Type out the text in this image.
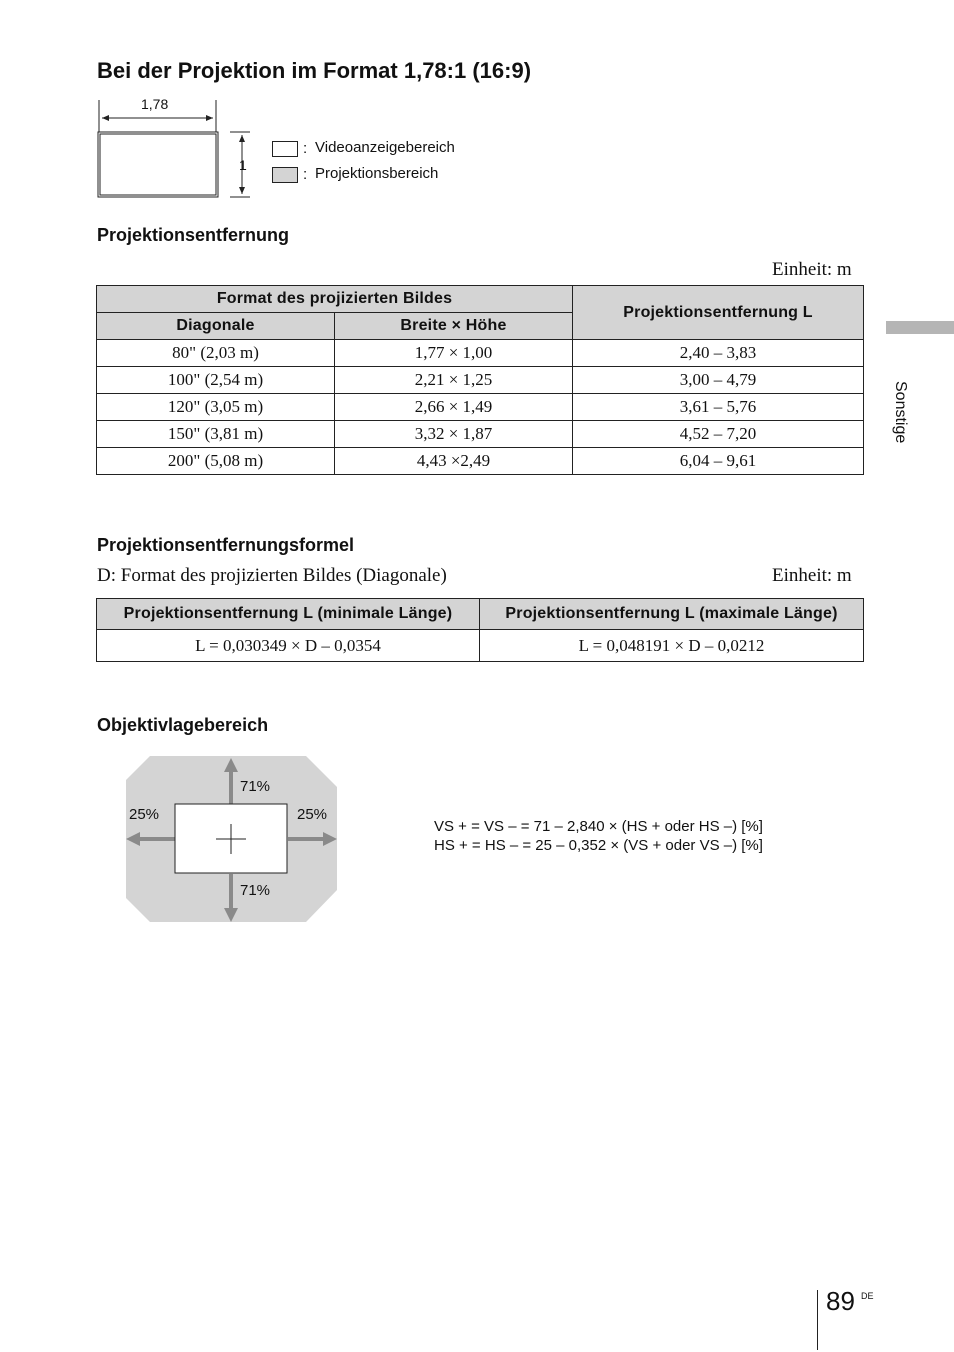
Bei der Projektion im Format 1,78:1 (16:9)
1,78
1
: Videoanzeigebereich
: Projektionsbereich
Projektionsentfernung
Einheit: m
Format des projizierten Bildes		Projektionsentfernung L
Diagonale	Breite × Höhe	
80" (2,03 m)	1,77 × 1,00	2,40 – 3,83
100" (2,54 m)	2,21 × 1,25	3,00 – 4,79
120" (3,05 m)	2,66 × 1,49	3,61 – 5,76
150" (3,81 m)	3,32 × 1,87	4,52 – 7,20
200" (5,08 m)	4,43 ×2,49	6,04 – 9,61
Projektionsentfernungsformel
D: Format des projizierten Bildes (Diagonale)	Einheit: m
Projektionsentfernung L (minimale Länge)	Projektionsentfernung L (maximale Länge)
L = 0,030349 × D – 0,0354	L = 0,048191 × D – 0,0212
Objektivlagebereich
71%
71%
25%	25%
VS + = VS – = 71 – 2,840 × (HS + oder HS –) [%]
HS + = HS – = 25 – 0,352 × (VS + oder VS –) [%]
Sonstige
89 DE
